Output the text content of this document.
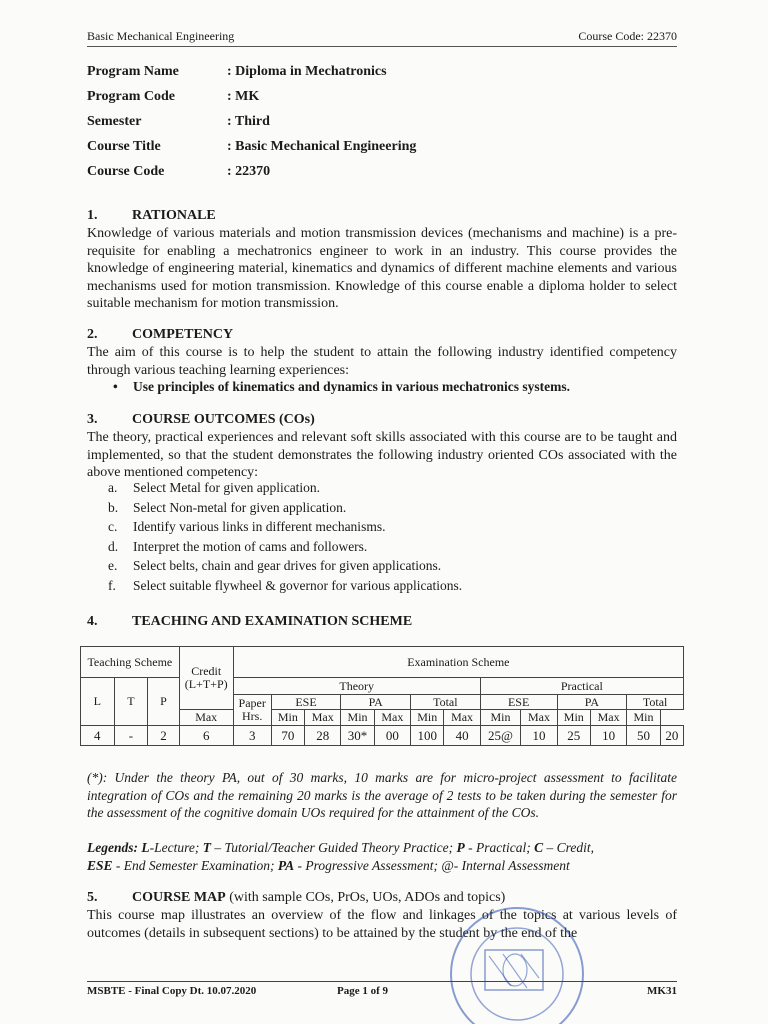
Basic Mechanical Engineering	Course Code: 22370
Program Name	: Diploma in Mechatronics
Program Code	: MK
Semester	: Third
Course Title	: Basic Mechanical Engineering
Course Code	: 22370
1. RATIONALE
Knowledge of various materials and motion transmission devices (mechanisms and machine) is a pre-requisite for enabling a mechatronics engineer to work in an industry. This course provides the knowledge of engineering material, kinematics and dynamics of different machine elements and various mechanisms used for motion transmission. Knowledge of this course enable a diploma holder to select suitable mechanism for motion transmission.
2. COMPETENCY
The aim of this course is to help the student to attain the following industry identified competency through various teaching learning experiences:
• Use principles of kinematics and dynamics in various mechatronics systems.
3. COURSE OUTCOMES (COs)
The theory, practical experiences and relevant soft skills associated with this course are to be taught and implemented, so that the student demonstrates the following industry oriented COs associated with the above mentioned competency:
a. Select Metal for given application.
b. Select Non-metal for given application.
c. Identify various links in different mechanisms.
d. Interpret the motion of cams and followers.
e. Select belts, chain and gear drives for given applications.
f. Select suitable flywheel & governor for various applications.
4. TEACHING AND EXAMINATION SCHEME
Teaching Scheme			Credit (L+T+P)	Examination Scheme												
L	T	P		Theory							Practical					
				Paper Hrs.	ESE		PA		Total		ESE		PA		Total	
			Max		Min	Max	Min	Max	Min	Max	Min	Max	Min	Max	Min	
4	-	2	6	3	70	28	30*	00	100	40	25@	10	25	10	50	20
(*): Under the theory PA, out of 30 marks, 10 marks are for micro-project assessment to facilitate integration of COs and the remaining 20 marks is the average of 2 tests to be taken during the semester for the assessment of the cognitive domain UOs required for the attainment of the COs.
Legends: L-Lecture; T – Tutorial/Teacher Guided Theory Practice; P - Practical; C – Credit,
ESE - End Semester Examination; PA - Progressive Assessment; @- Internal Assessment
5. COURSE MAP (with sample COs, PrOs, UOs, ADOs and topics)
This course map illustrates an overview of the flow and linkages of the topics at various levels of outcomes (details in subsequent sections) to be attained by the student by the end of the
MSBTE - Final Copy Dt. 10.07.2020	Page 1 of 9	MK31
